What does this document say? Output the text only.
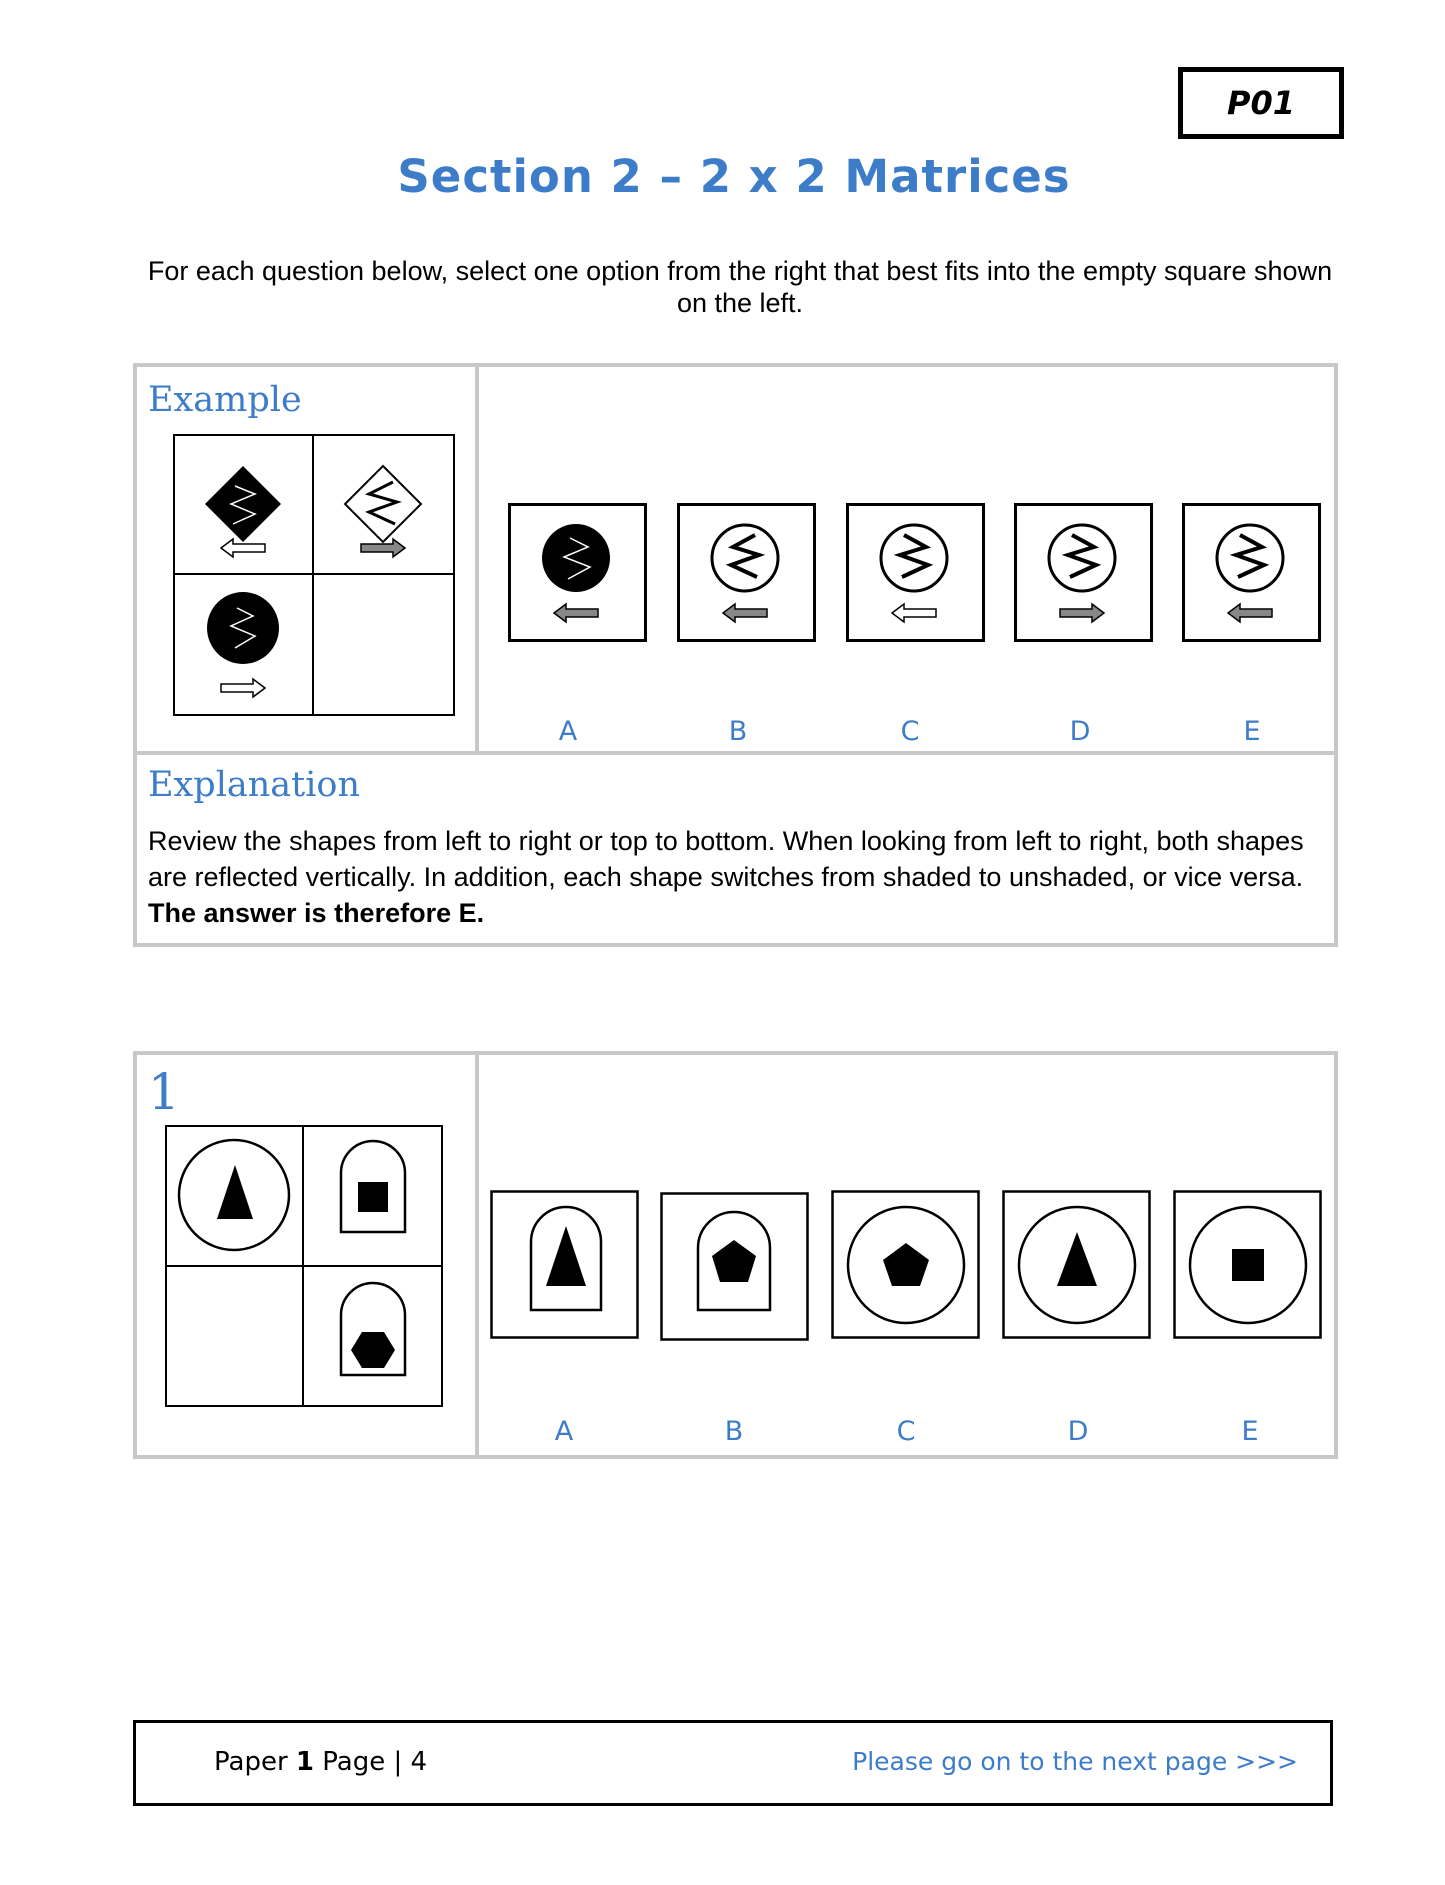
P01
Section 2 – 2 x 2 Matrices
For each question below, select one option from the right that best fits into the empty square shown on the left.
Example
A	B	C	D	E
Explanation
Review the shapes from left to right or top to bottom. When looking from left to right, both shapes are reflected vertically. In addition, each shape switches from shaded to unshaded, or vice versa.
The answer is therefore E.
1
A	B	C	D	E
Paper 1 Page | 4	Please go on to the next page >>>
